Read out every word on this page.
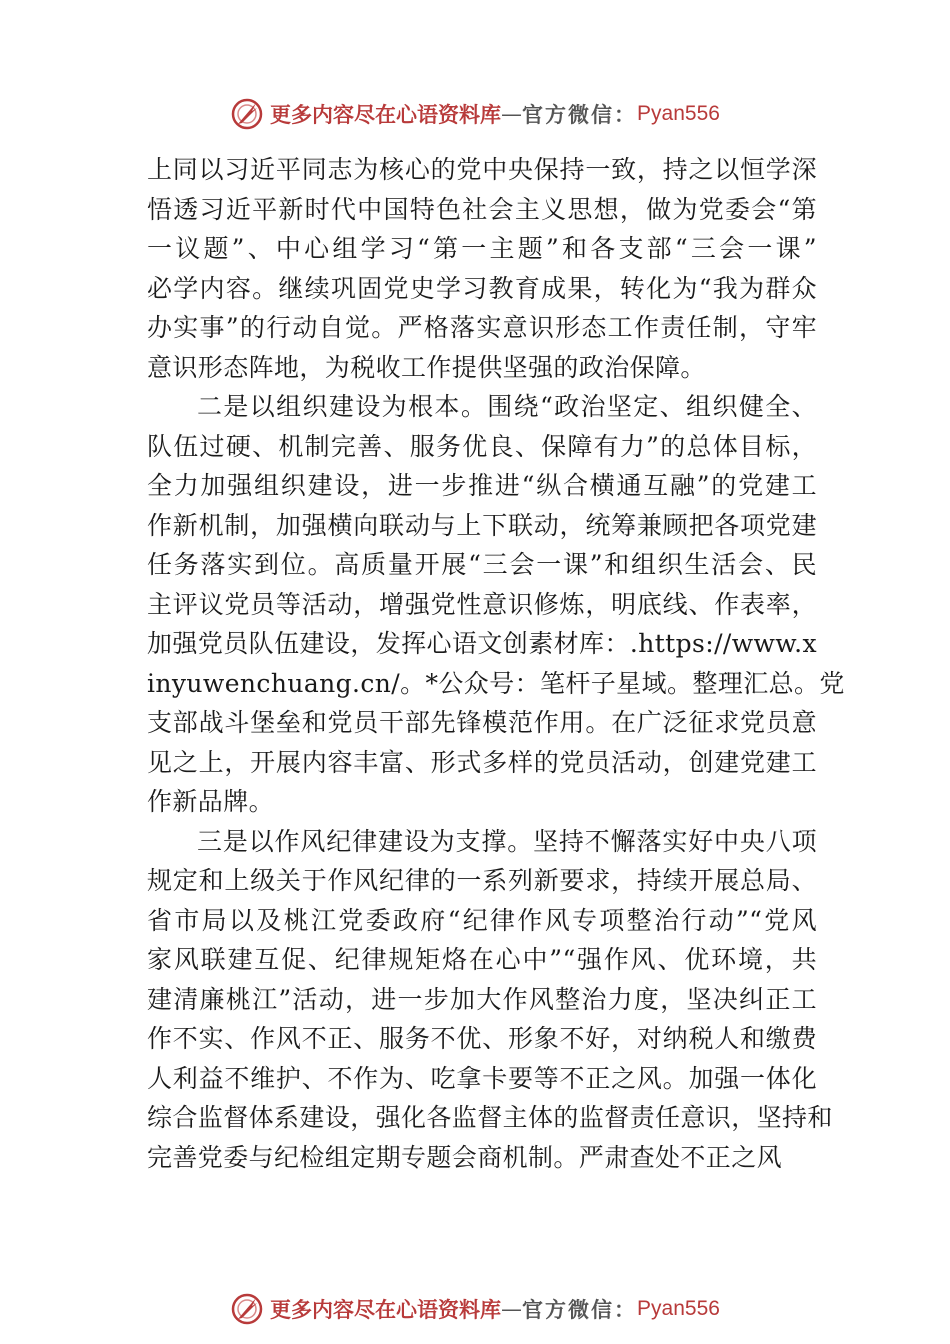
更多内容尽在心语资料库 — 官方微信： Pyan556
上同以习近平同志为核心的党中央保持一致，持之以恒学深
悟透习近平新时代中国特色社会主义思想，做为党委会“第
一议题”、中心组学习“第一主题”和各支部“三会一课”
必学内容。继续巩固党史学习教育成果，转化为“我为群众
办实事”的行动自觉。严格落实意识形态工作责任制，守牢
意识形态阵地，为税收工作提供坚强的政治保障。
二是以组织建设为根本。围绕“政治坚定、组织健全、
队伍过硬、机制完善、服务优良、保障有力”的总体目标，
全力加强组织建设，进一步推进“纵合横通互融”的党建工
作新机制，加强横向联动与上下联动，统筹兼顾把各项党建
任务落实到位。高质量开展“三会一课”和组织生活会、民
主评议党员等活动，增强党性意识修炼，明底线、作表率，
加强党员队伍建设，发挥心语文创素材库：.https://www.x
inyuwenchuang.cn/。*公众号：笔杆子星域。整理汇总。党
支部战斗堡垒和党员干部先锋模范作用。在广泛征求党员意
见之上，开展内容丰富、形式多样的党员活动，创建党建工
作新品牌。
三是以作风纪律建设为支撑。坚持不懈落实好中央八项
规定和上级关于作风纪律的一系列新要求，持续开展总局、
省市局以及桃江党委政府“纪律作风专项整治行动”“党风
家风联建互促、纪律规矩烙在心中”“强作风、优环境，共
建清廉桃江”活动，进一步加大作风整治力度，坚决纠正工
作不实、作风不正、服务不优、形象不好，对纳税人和缴费
人利益不维护、不作为、吃拿卡要等不正之风。加强一体化
综合监督体系建设，强化各监督主体的监督责任意识，坚持和
完善党委与纪检组定期专题会商机制。严肃查处不正之风
更多内容尽在心语资料库 — 官方微信： Pyan556
